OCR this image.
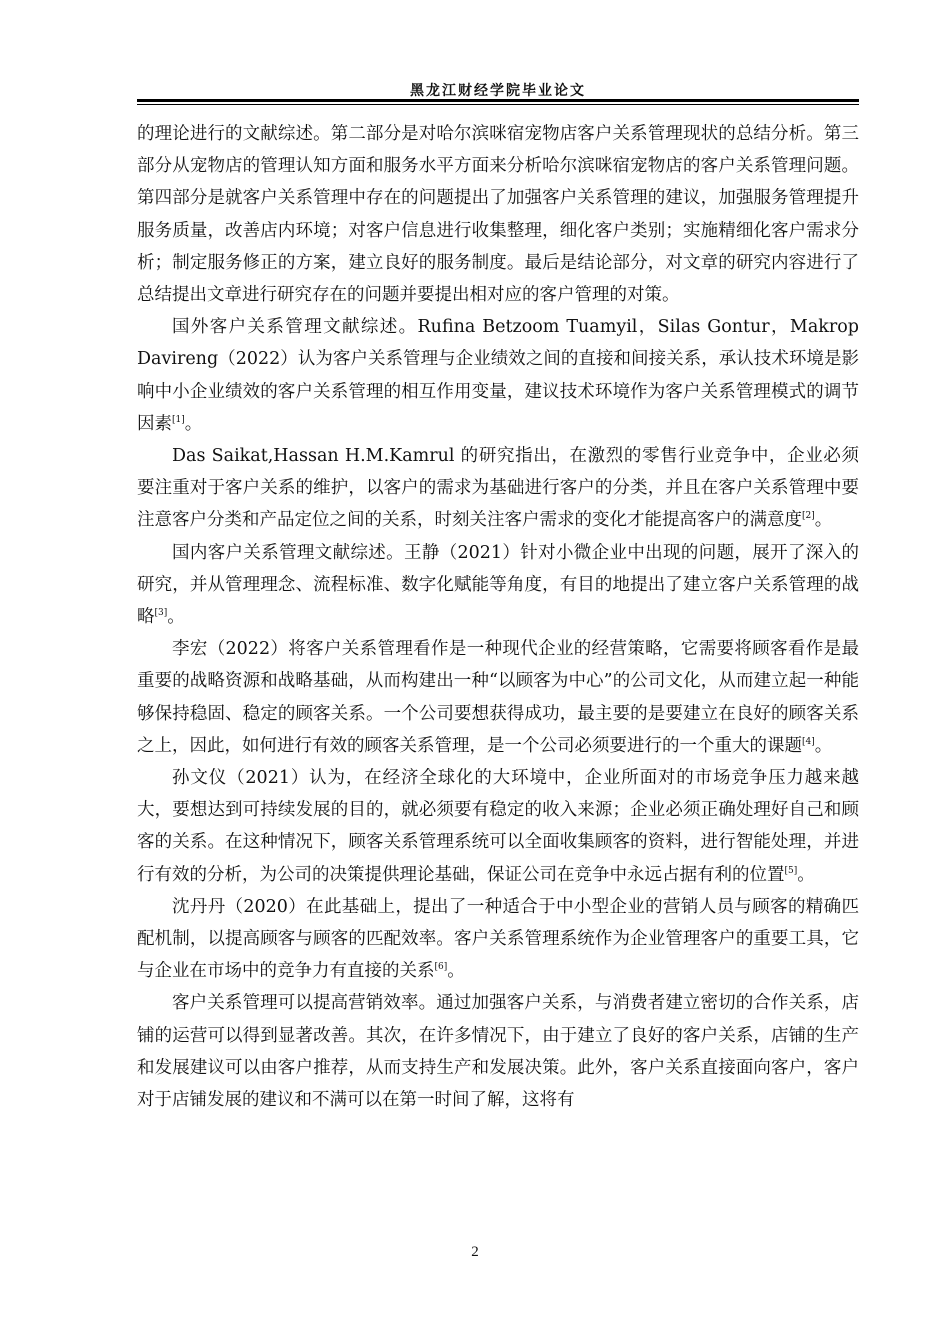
黑龙江财经学院毕业论文

的理论进行的文献综述。第二部分是对哈尔滨咪宿宠物店客户关系管理现状的总结分析。第三部分从宠物店的管理认知方面和服务水平方面来分析哈尔滨咪宿宠物店的客户关系管理问题。第四部分是就客户关系管理中存在的问题提出了加强客户关系管理的建议，加强服务管理提升服务质量，改善店内环境；对客户信息进行收集整理，细化客户类别；实施精细化客户需求分析；制定服务修正的方案，建立良好的服务制度。最后是结论部分，对文章的研究内容进行了总结提出文章进行研究存在的问题并要提出相对应的客户管理的对策。

国外客户关系管理文献综述。Rufina Betzoom Tuamyil，Silas Gontur，Makrop Davireng（2022）认为客户关系管理与企业绩效之间的直接和间接关系，承认技术环境是影响中小企业绩效的客户关系管理的相互作用变量，建议技术环境作为客户关系管理模式的调节因素[1]。

Das Saikat,Hassan H.M.Kamrul 的研究指出，在激烈的零售行业竞争中，企业必须要注重对于客户关系的维护，以客户的需求为基础进行客户的分类，并且在客户关系管理中要注意客户分类和产品定位之间的关系，时刻关注客户需求的变化才能提高客户的满意度[2]。

国内客户关系管理文献综述。王静（2021）针对小微企业中出现的问题，展开了深入的研究，并从管理理念、流程标准、数字化赋能等角度，有目的地提出了建立客户关系管理的战略[3]。

李宏（2022）将客户关系管理看作是一种现代企业的经营策略，它需要将顾客看作是最重要的战略资源和战略基础，从而构建出一种“以顾客为中心”的公司文化，从而建立起一种能够保持稳固、稳定的顾客关系。一个公司要想获得成功，最主要的是要建立在良好的顾客关系之上，因此，如何进行有效的顾客关系管理，是一个公司必须要进行的一个重大的课题[4]。

孙文仪（2021）认为，在经济全球化的大环境中，企业所面对的市场竞争压力越来越大，要想达到可持续发展的目的，就必须要有稳定的收入来源；企业必须正确处理好自己和顾客的关系。在这种情况下，顾客关系管理系统可以全面收集顾客的资料，进行智能处理，并进行有效的分析，为公司的决策提供理论基础，保证公司在竞争中永远占据有利的位置[5]。

沈丹丹（2020）在此基础上，提出了一种适合于中小型企业的营销人员与顾客的精确匹配机制，以提高顾客与顾客的匹配效率。客户关系管理系统作为企业管理客户的重要工具，它与企业在市场中的竞争力有直接的关系[6]。

客户关系管理可以提高营销效率。通过加强客户关系，与消费者建立密切的合作关系，店铺的运营可以得到显著改善。其次，在许多情况下，由于建立了良好的客户关系，店铺的生产和发展建议可以由客户推荐，从而支持生产和发展决策。此外，客户关系直接面向客户，客户对于店铺发展的建议和不满可以在第一时间了解，这将有

2
